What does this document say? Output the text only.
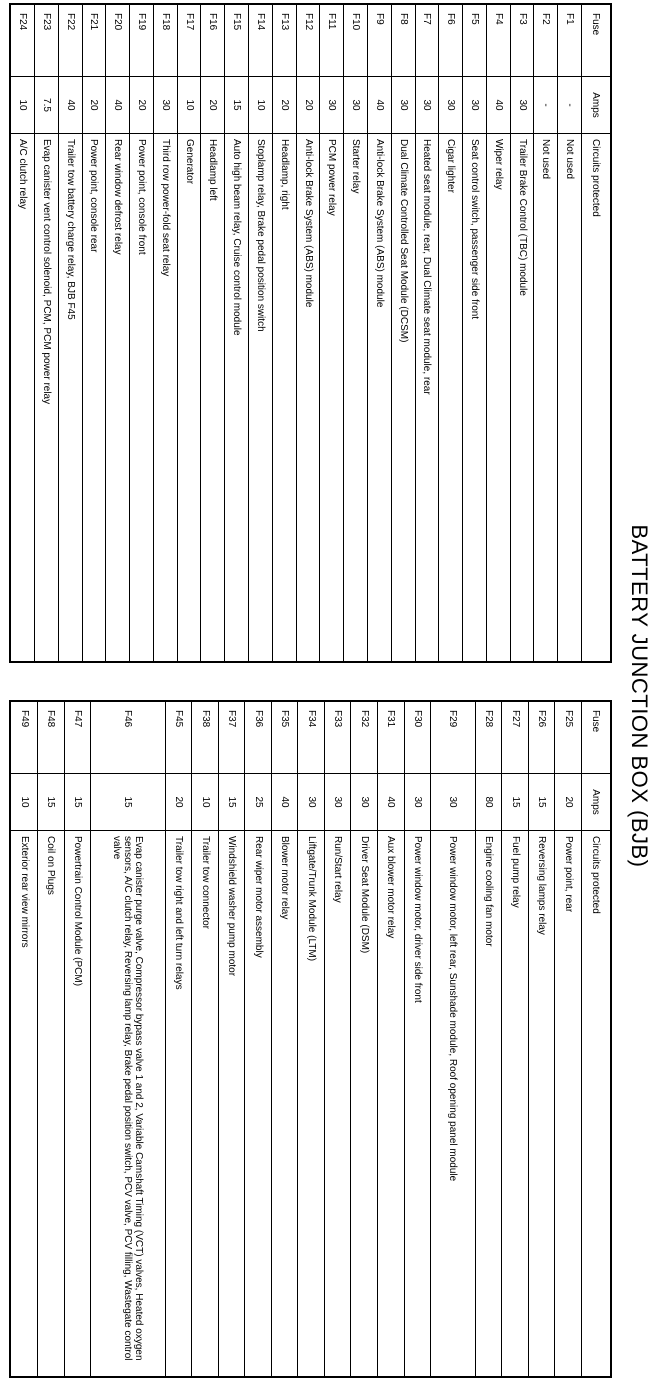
BATTERY JUNCTION BOX (BJB)
Fuse	Amps	Circuits protected
F1	-	Not used
F2	-	Not used
F3	30	Trailer Brake Control (TBC) module
F4	40	Wiper relay
F5	30	Seat control switch, passenger side front
F6	30	Cigar lighter
F7	30	Heated seat module, rear, Dual Climate seat module, rear
F8	30	Dual Climate Controlled Seat Module (DCSM)
F9	40	Anti-lock Brake System (ABS) module
F10	30	Starter relay
F11	30	PCM power relay
F12	20	Anti-lock Brake System (ABS) module
F13	20	Headlamp, right
F14	10	Stoplamp relay, Brake pedal position switch
F15	15	Auto high beam relay, Cruise control module
F16	20	Headlamp left
F17	10	Generator
F18	30	Third row power-fold seat relay
F19	20	Power point, console front
F20	40	Rear window defrost relay
F21	20	Power point, console rear
F22	40	Trailer tow battery charge relay, BJB F45
F23	7.5	Evap canister vent control solenoid, PCM, PCM power relay
F24	10	A/C clutch relay
Fuse	Amps	Circuits protected
F25	20	Power point, rear
F26	15	Reversing lamps relay
F27	15	Fuel pump relay
F28	80	Engine cooling fan motor
F29	30	Power window motor, left rear, Sunshade module, Roof opening panel module
F30	30	Power window motor, driver side front
F31	40	Aux blower motor relay
F32	30	Driver Seat Module (DSM)
F33	30	Run/Start relay
F34	30	Liftgate/Trunk Module (LTM)
F35	40	Blower motor relay
F36	25	Rear wiper motor assembly
F37	15	Windshield washer pump motor
F38	10	Trailer tow connector
F45	20	Trailer tow right and left turn relays
F46	15	Evap canister purge valve, Compressor bypass valve 1 and 2, Variable Camshaft Timing (VCT) valves, Heated oxygen sensors, A/C clutch relay, Reversing lamp relay, Brake pedal position switch, PCV valve, PCV filling, Wastegate control valve
F47	15	Powertrain Control Module (PCM)
F48	15	Coil on Plugs
F49	10	Exterior rear view mirrors
